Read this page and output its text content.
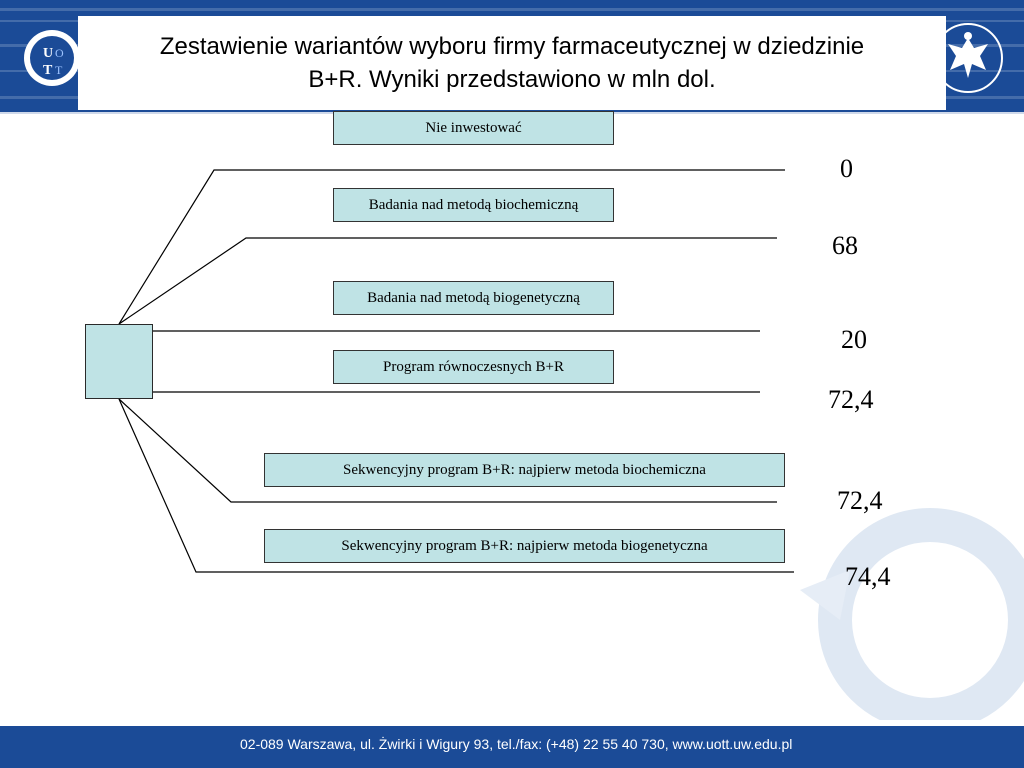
U
T
O
T
Zestawienie wariantów wyboru firmy farmaceutycznej w dziedzinie
B+R. Wyniki przedstawiono w mln dol.
Nie inwestować
Badania nad metodą biochemiczną
Badania nad metodą biogenetyczną
Program równoczesnych B+R
Sekwencyjny program B+R: najpierw metoda biochemiczna
Sekwencyjny program B+R: najpierw metoda biogenetyczna
0
68
20
72,4
72,4
74,4
02-089 Warszawa, ul. Żwirki i Wigury 93, tel./fax: (+48) 22 55 40 730, www.uott.uw.edu.pl
